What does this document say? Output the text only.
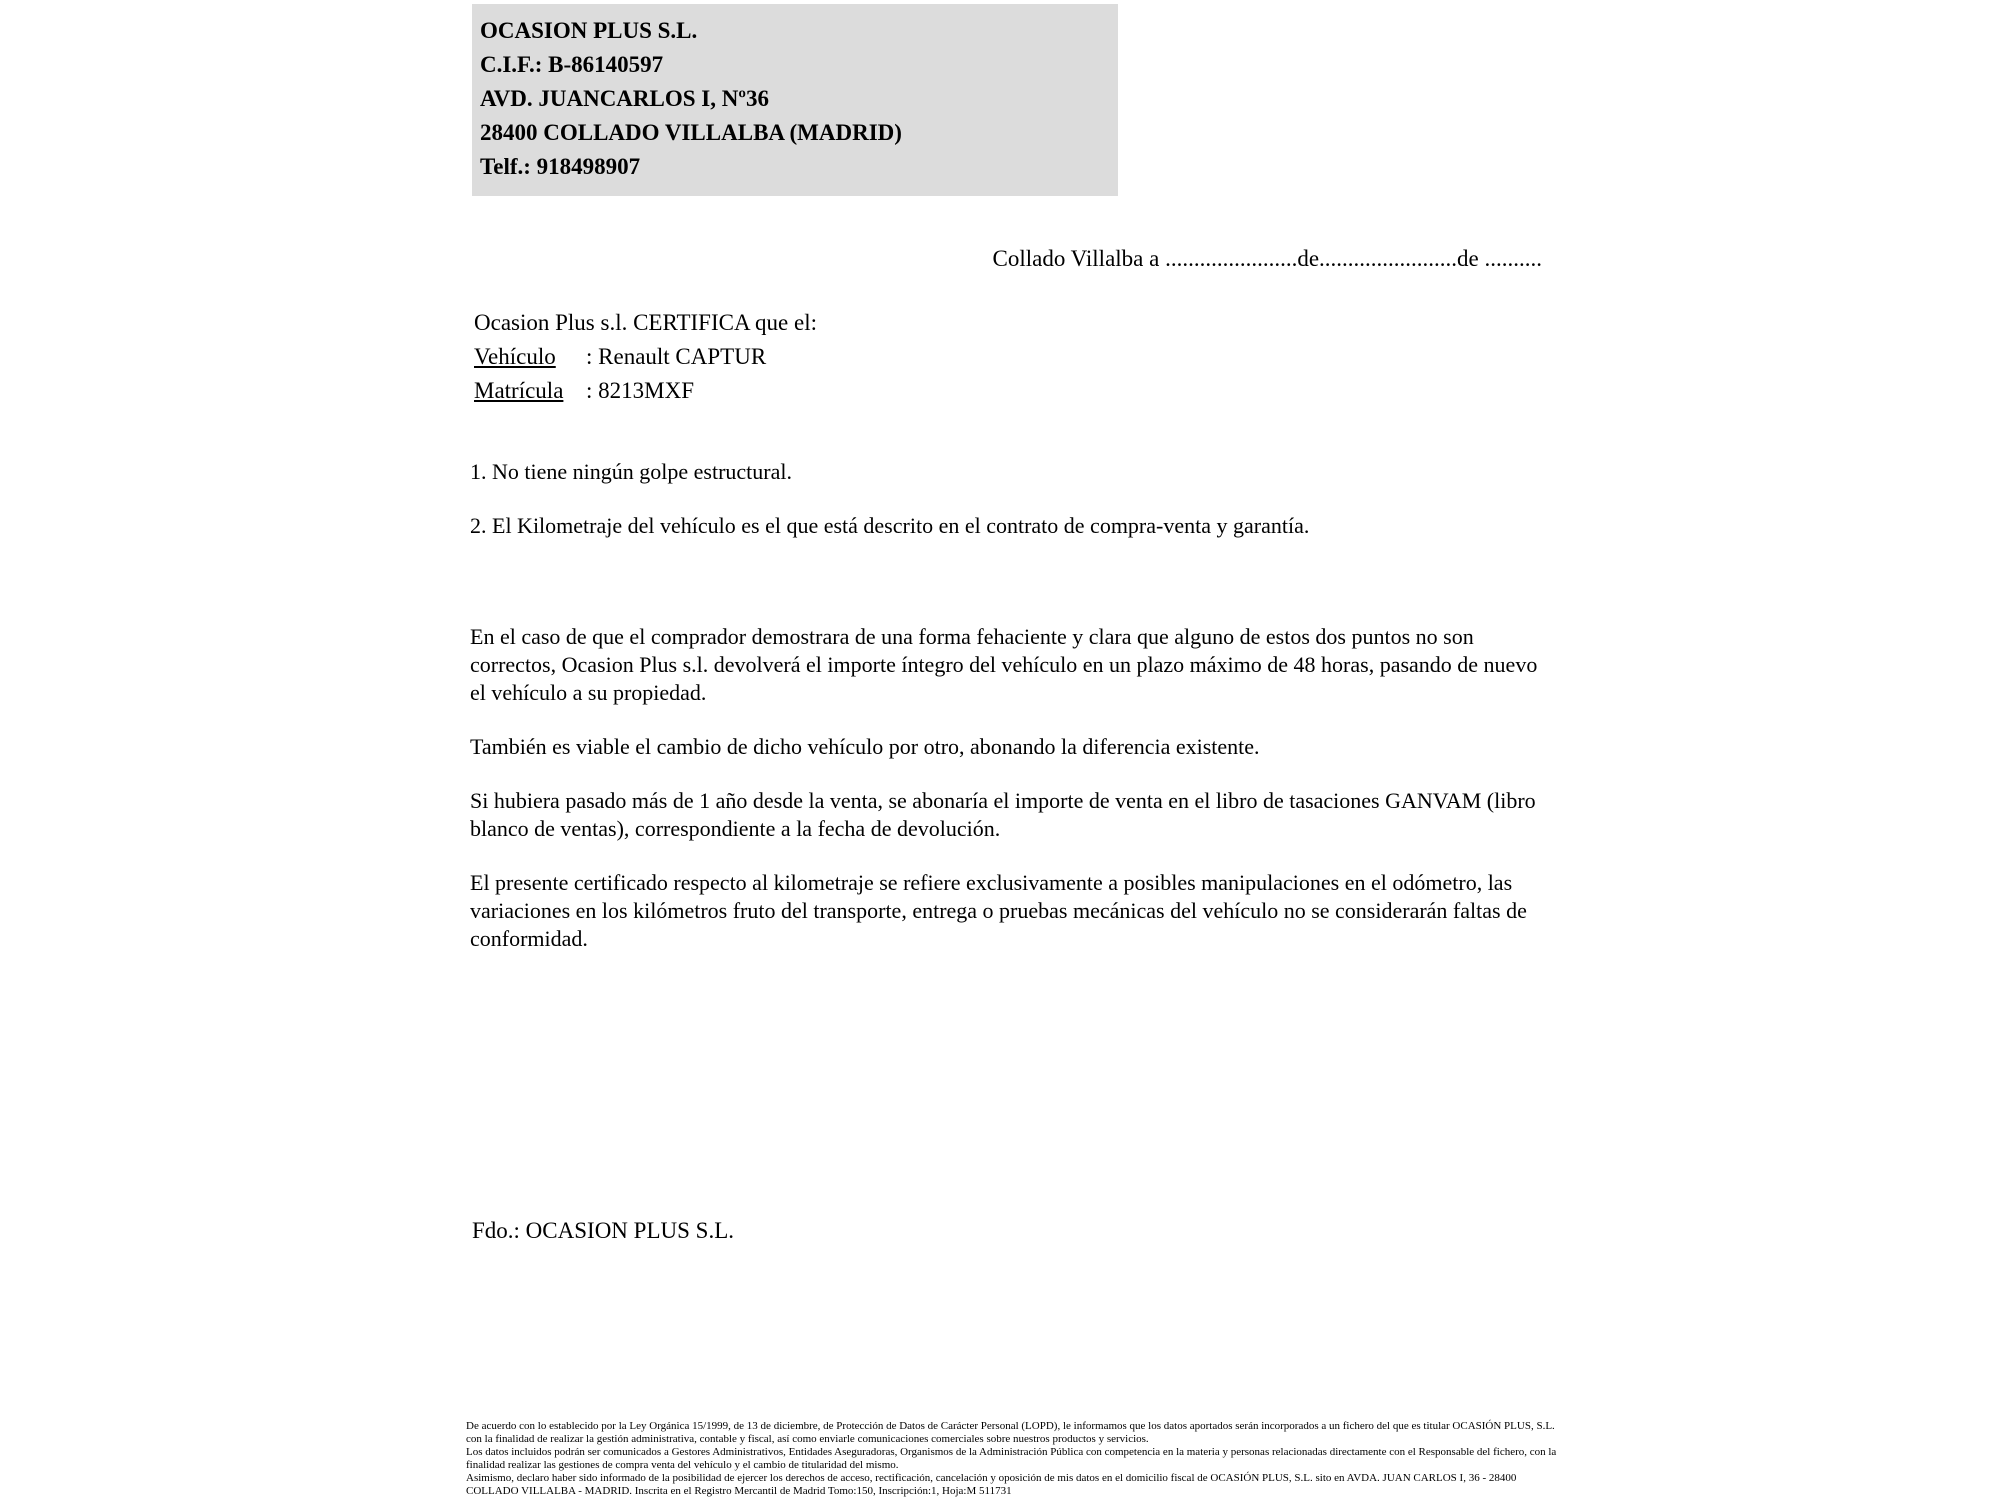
OCASION PLUS S.L.
C.I.F.: B-86140597
AVD. JUANCARLOS I, Nº36
28400 COLLADO VILLALBA (MADRID)
Telf.: 918498907
Collado Villalba a .......................de........................de ..........
Ocasion Plus s.l. CERTIFICA que el:
Vehículo : Renault CAPTUR
Matrícula : 8213MXF

1. No tiene ningún golpe estructural.

2. El Kilometraje del vehículo es el que está descrito en el contrato de compra-venta y garantía.

En el caso de que el comprador demostrara de una forma fehaciente y clara que alguno de estos dos puntos no son correctos, Ocasion Plus s.l. devolverá el importe íntegro del vehículo en un plazo máximo de 48 horas, pasando de nuevo el vehículo a su propiedad.

También es viable el cambio de dicho vehículo por otro, abonando la diferencia existente.

Si hubiera pasado más de 1 año desde la venta, se abonaría el importe de venta en el libro de tasaciones GANVAM (libro blanco de ventas), correspondiente a la fecha de devolución.

El presente certificado respecto al kilometraje se refiere exclusivamente a posibles manipulaciones en el odómetro, las variaciones en los kilómetros fruto del transporte, entrega o pruebas mecánicas del vehículo no se considerarán faltas de conformidad.

Fdo.: OCASION PLUS S.L.

De acuerdo con lo establecido por la Ley Orgánica 15/1999, de 13 de diciembre, de Protección de Datos de Carácter Personal (LOPD), le informamos que los datos aportados serán incorporados a un fichero del que es titular OCASIÓN PLUS, S.L. con la finalidad de realizar la gestión administrativa, contable y fiscal, así como enviarle comunicaciones comerciales sobre nuestros productos y servicios.

Los datos incluidos podrán ser comunicados a Gestores Administrativos, Entidades Aseguradoras, Organismos de la Administración Pública con competencia en la materia y personas relacionadas directamente con el Responsable del fichero, con la finalidad realizar las gestiones de compra venta del vehículo y el cambio de titularidad del mismo.

Asimismo, declaro haber sido informado de la posibilidad de ejercer los derechos de acceso, rectificación, cancelación y oposición de mis datos en el domicilio fiscal de OCASIÓN PLUS, S.L. sito en AVDA. JUAN CARLOS I, 36 - 28400 COLLADO VILLALBA - MADRID. Inscrita en el Registro Mercantil de Madrid Tomo:150, Inscripción:1, Hoja:M 511731
